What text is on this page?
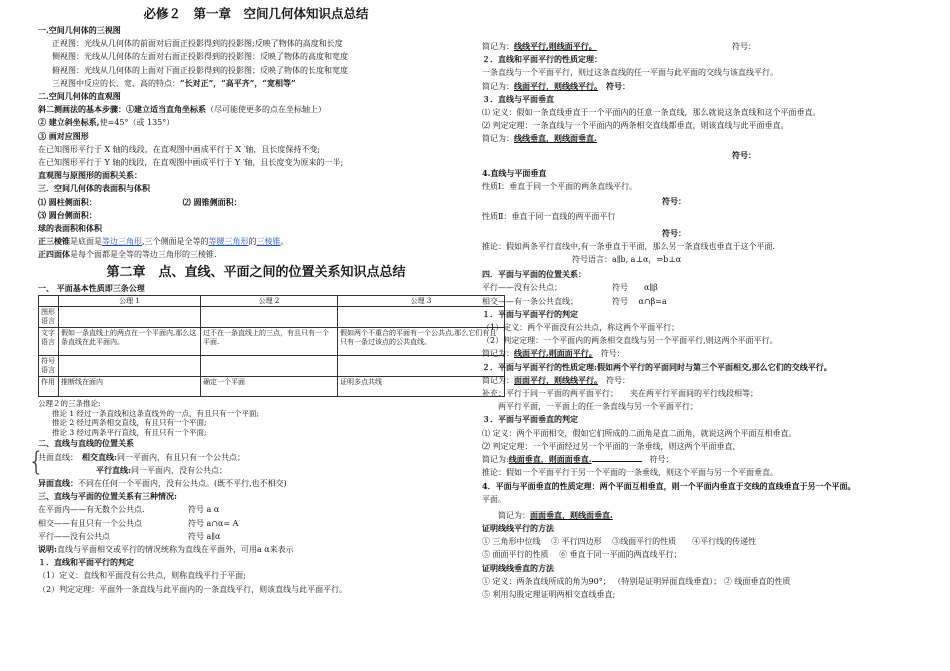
必修２　第一章　空间几何体知识点总结
一.空间几何体的三视图
正视图：光线从几何体的前面对后面正投影得到的投影图;反映了物体的高度和长度
侧视图：光线从几何体的左面对右面正投影得到的投影图：反映了物体的高度和宽度
俯视图：光线从几何体的上面对下面正投影得到的投影图；反映了物体的长度和宽度
三视图中反应的长、宽、高的特点：“长对正”，“高平齐”，“宽相等”
二.空间几何体的直观图
斜二测画法的基本步骤：①建立适当直角坐标系（尽可能使更多的点在坐标轴上）
② 建立斜坐标系,使=45°（或 135°）
③ 画对应图形
在已知图形平行于 X 轴的线段，在直观图中画成平行于 X ′轴，且长度保持不变;
在已知图形平行于 Y 轴的线段，在直观图中画成平行于 Y ′轴，且长度变为原来的一半;
直观图与原图形的面积关系：
三．空间几何体的表面积与体积
⑴ 圆柱侧面积：	⑵ 圆锥侧面积：
⑶ 圆台侧面积：
球的表面积和体积
正三棱锥是底面是等边三角形,三个侧面是全等的等腰三角形的三棱锥。
正四面体是每个面都是全等的等边三角形的三棱锥.
第二章　点、直线、平面之间的位置关系知识点总结
一、 平面基本性质即三条公理
	公理 1	公理 2	公理 3
图形语言			
文字语言	假如一条直线上的两点在一个平面内,那么这条直线在此平面内。	过不在一条直线上的三点，有且只有一个平面.	假如两个不重合的平面有一个公共点,那么它们有且只有一条过该点的公共直线。
符号语言			
作用	推断线在面内	确定一个平面	证明多点共线
公理２的三条推论:
推论 1 经过一条直线和这条直线外的一点，有且只有一个平面;
推论 2 经过两条相交直线，有且只有一个平面;
推论 3 经过两条平行直线，有且只有一个平面;
二、直线与直线的位置关系
{
共面直线：　 相交直线:同一平面内，有且只有一个公共点；
平行直线:同一平面内，没有公共点；
异面直线：不同在任何一个平面内，没有公共点。(既不平行,也不相交)
三、直线与平面的位置关系有三种情况:
在平面内——有无数个公共点．	符号 a α
相交——有且只有一个公共点	符号 a∩α= A
平行——没有公共点	符号 a∥α
说明:直线与平面相交或平行的情况统称为直线在平面外，可用a α来表示
１．直线和平面平行的判定
（1）定义：直线和平面没有公共点，则称直线平行于平面;
（2）判定定理：平面外一条直线与此平面内的一条直线平行，则该直线与此平面平行。
简记为：线线平行,则线面平行。	符号：
２．直线和平面平行的性质定理：
一条直线与一个平面平行，则过这条直线的任一平面与此平面的交线与该直线平行。
简记为：线面平行，则线线平行。　 符号：
３．直线与平面垂直
⑴ 定义：假如一条直线垂直于一个平面内的任意一条直线，那么就说这条直线和这个平面垂直。
⑵ 判定定理：一条直线与一个平面内的两条相交直线都垂直，则该直线与此平面垂直。
简记为：线线垂直，则线面垂直.
符号：
4.直线与平面垂直
性质Ⅰ：垂直于同一个平面的两条直线平行。
符号：
性质Ⅱ：垂直于同一直线的两平面平行
符号：
推论：假如两条平行直线中,有一条垂直于平面，那么另一条直线也垂直于这个平面.
符号语言：a∥b, a⊥α，⇒b⊥α
四．平面与平面的位置关系：
平行——没有公共点；	符号　　α∥β
相交——有一条公共直线；	符号　 α∩β=a
１．平面与平面平行的判定
（1）定义：两个平面没有公共点，称这两个平面平行；
（2）判定定理：一个平面内的两条相交直线与另一个平面平行,则这两个平面平行。
简记为：线面平行,则面面平行。　 符号：
２．平面与平面平行的性质定理:假如两个平行的平面同时与第三个平面相交,那么它们的交线平行。
简记为：面面平行，则线线平行。　 符号：
补充：平行于同一平面的两平面平行；　　夹在两平行平面间的平行线段相等；
两平行平面，一平面上的任一条直线与另一个平面平行；
３．平面与平面垂直的判定
⑴ 定义：两个平面相交，假如它们所成的二面角是直二面角，就说这两个平面互相垂直。
⑵ 判定定理：一个平面经过另一个平面的一条垂线，则这两个平面垂直，
简记为:线面垂直，则面面垂直.　	符号：
推论：假如一个平面平行于另一个平面的一条垂线，则这个平面与另一个平面垂直。
4．平面与平面垂直的性质定理：两个平面互相垂直，则一个平面内垂直于交线的直线垂直于另一个平面。
平面。
简记为：面面垂直，则线面垂直.
证明线线平行的方法
① 三角形中位线　 ② 平行四边形　 ③线面平行的性质　　④平行线的传递性
⑤ 面面平行的性质　 ⑥ 垂直于同一平面的两直线平行；
证明线线垂直的方法
① 定义：两条直线所成的角为90°； （特别是证明异面直线垂直）； ② 线面垂直的性质
⑤ 利用勾股定理证明两相交直线垂直;
